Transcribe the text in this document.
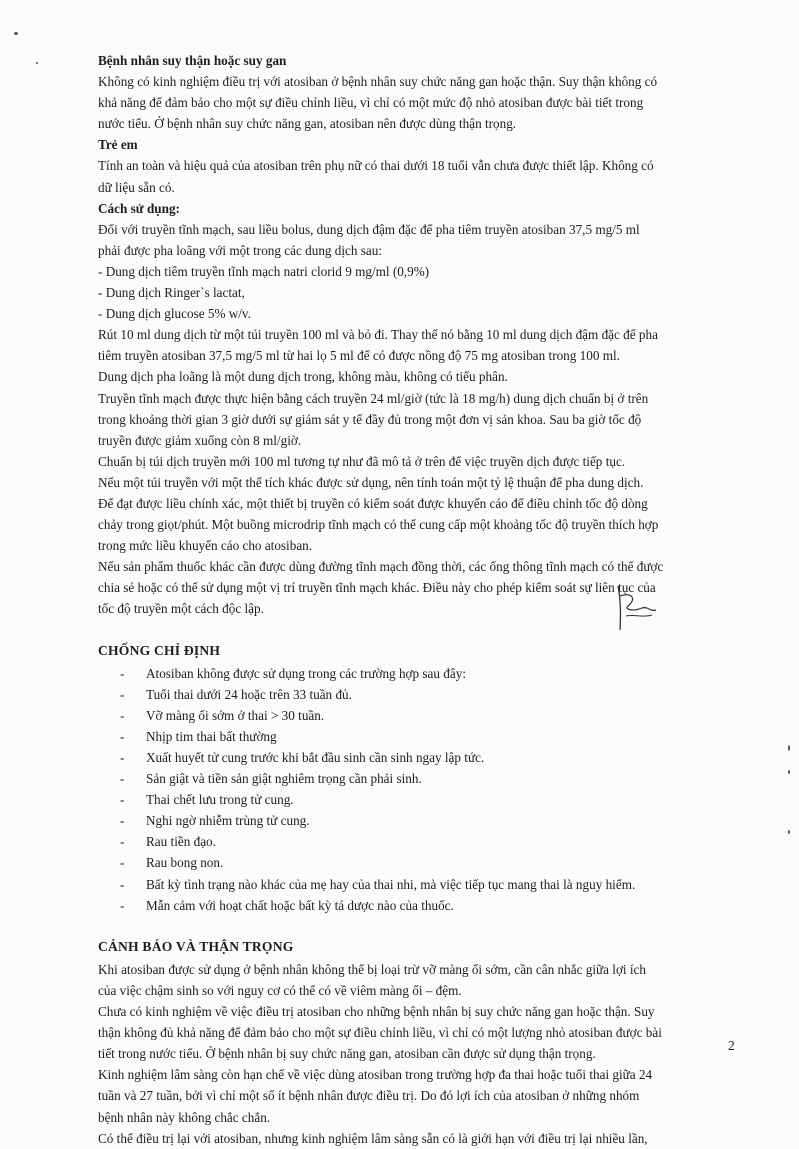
Bệnh nhân suy thận hoặc suy gan
Không có kinh nghiệm điều trị với atosiban ở bệnh nhân suy chức năng gan hoặc thận. Suy thận không có
khả năng để đảm bảo cho một sự điều chỉnh liều, vì chỉ có một mức độ nhỏ atosiban được bài tiết trong
nước tiểu. Ở bệnh nhân suy chức năng gan, atosiban nên được dùng thận trọng.
Trẻ em
Tính an toàn và hiệu quả của atosiban trên phụ nữ có thai dưới 18 tuổi vẫn chưa được thiết lập. Không có
dữ liệu sẵn có.
Cách sử dụng:
Đối với truyền tĩnh mạch, sau liều bolus, dung dịch đậm đặc để pha tiêm truyền atosiban 37,5 mg/5 ml
phải được pha loãng với một trong các dung dịch sau:
- Dung dịch tiêm truyền tĩnh mạch natri clorid 9 mg/ml (0,9%)
- Dung dịch Ringer`s lactat,
- Dung dịch glucose 5% w/v.
Rút 10 ml dung dịch từ một túi truyền 100 ml và bỏ đi. Thay thế nó bằng 10 ml dung dịch đậm đặc để pha
tiêm truyền atosiban 37,5 mg/5 ml từ hai lọ 5 ml để có được nồng độ 75 mg atosiban trong 100 ml.
Dung dịch pha loãng là một dung dịch trong, không màu, không có tiểu phân.
Truyền tĩnh mạch được thực hiện bằng cách truyền 24 ml/giờ (tức là 18 mg/h) dung dịch chuẩn bị ở trên
trong khoảng thời gian 3 giờ dưới sự giám sát y tế đầy đủ trong một đơn vị sản khoa. Sau ba giờ tốc độ
truyền được giảm xuống còn 8 ml/giờ.
Chuẩn bị túi dịch truyền mới 100 ml tương tự như đã mô tả ở trên để việc truyền dịch được tiếp tục.
Nếu một túi truyền với một thể tích khác được sử dụng, nên tính toán một tỷ lệ thuận để pha dung dịch.
Để đạt được liều chính xác, một thiết bị truyền có kiểm soát được khuyến cáo để điều chỉnh tốc độ dòng
chảy trong giọt/phút. Một buồng microdrip tĩnh mạch có thể cung cấp một khoảng tốc độ truyền thích hợp
trong mức liều khuyến cáo cho atosiban.
Nếu sản phẩm thuốc khác cần được dùng đường tĩnh mạch đồng thời, các ống thông tĩnh mạch có thể được
chia sẻ hoặc có thể sử dụng một vị trí truyền tĩnh mạch khác. Điều này cho phép kiểm soát sự liên tục của
tốc độ truyền một cách độc lập.
CHỐNG CHỈ ĐỊNH
- Atosiban không được sử dụng trong các trường hợp sau đây:
- Tuổi thai dưới 24 hoặc trên 33 tuần đủ.
- Vỡ màng ối sớm ở thai > 30 tuần.
- Nhịp tim thai bất thường
- Xuất huyết tử cung trước khi bắt đầu sinh cần sinh ngay lập tức.
- Sản giật và tiền sản giật nghiêm trọng cần phải sinh.
- Thai chết lưu trong tử cung.
- Nghi ngờ nhiễm trùng tử cung.
- Rau tiền đạo.
- Rau bong non.
- Bất kỳ tình trạng nào khác của mẹ hay của thai nhi, mà việc tiếp tục mang thai là nguy hiểm.
- Mẫn cảm với hoạt chất hoặc bất kỳ tá dược nào của thuốc.
CẢNH BÁO VÀ THẬN TRỌNG
Khi atosiban được sử dụng ở bệnh nhân không thể bị loại trừ vỡ màng ối sớm, cần cân nhắc giữa lợi ích
của việc chậm sinh so với nguy cơ có thể có về viêm màng ối – đệm.
Chưa có kinh nghiệm về việc điều trị atosiban cho những bệnh nhân bị suy chức năng gan hoặc thận. Suy
thận không đủ khả năng để đảm bảo cho một sự điều chỉnh liều, vì chỉ có một lượng nhỏ atosiban được bài
tiết trong nước tiểu. Ở bệnh nhân bị suy chức năng gan, atosiban cần được sử dụng thận trọng.
Kinh nghiệm lâm sàng còn hạn chế về việc dùng atosiban trong trường hợp đa thai hoặc tuổi thai giữa 24
tuần và 27 tuần, bởi vì chỉ một số ít bệnh nhân được điều trị. Do đó lợi ích của atosiban ở những nhóm
bệnh nhân này không chắc chắn.
Có thể điều trị lại với atosiban, nhưng kinh nghiệm lâm sàng sẵn có là giới hạn với điều trị lại nhiều lần,
2
